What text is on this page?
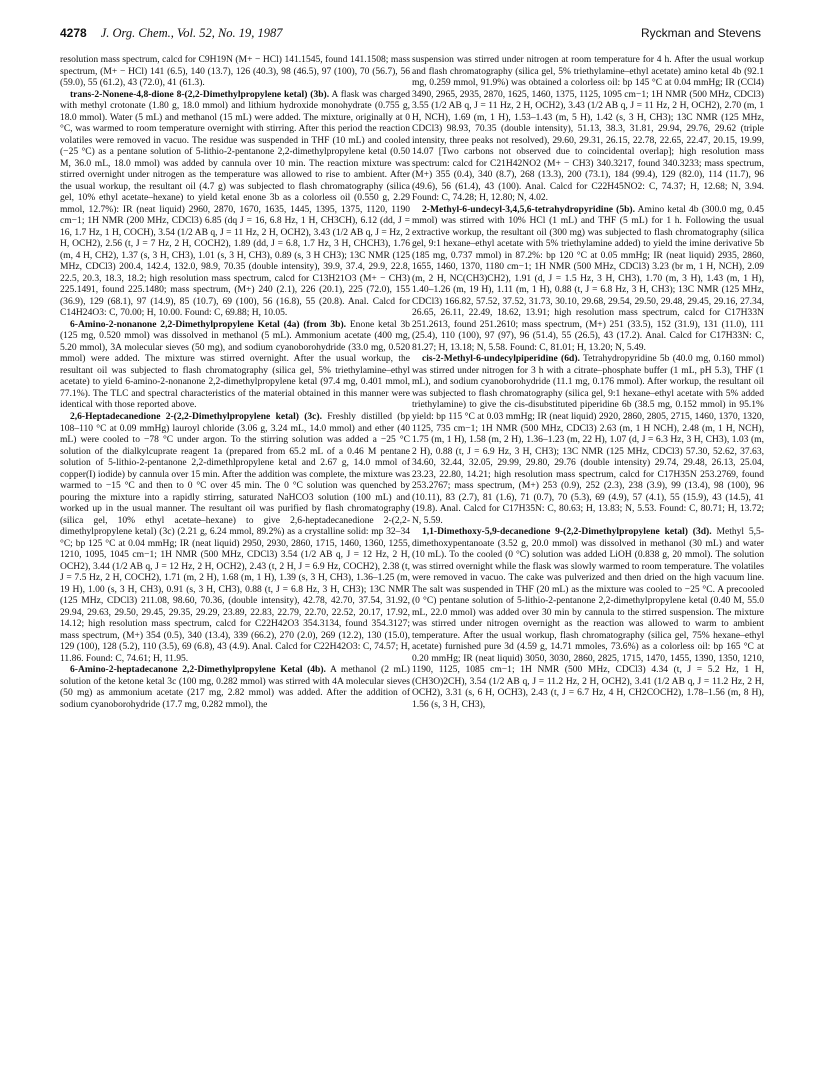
4278 J. Org. Chem., Vol. 52, No. 19, 1987	Ryckman and Stevens

resolution mass spectrum, calcd for C9H19N (M+ − HCl) 141.1545, found 141.1508; mass spectrum, (M+ − HCl) 141 (6.5), 140 (13.7), 126 (40.3), 98 (46.5), 97 (100), 70 (56.7), 56 (59.0), 55 (61.2), 43 (72.0), 41 (61.3).

trans-2-Nonene-4,8-dione 8-(2,2-Dimethylpropylene ketal) (3b). A flask was charged with methyl crotonate (1.80 g, 18.0 mmol) and lithium hydroxide monohydrate (0.755 g, 18.0 mmol). Water (5 mL) and methanol (15 mL) were added. The mixture, originally at 0 °C, was warmed to room temperature overnight with stirring. After this period the reaction volatiles were removed in vacuo. The residue was suspended in THF (10 mL) and cooled (−25 °C) as a pentane solution of 5-lithio-2-pentanone 2,2-dimethylpropylene ketal (0.50 M, 36.0 mL, 18.0 mmol) was added by cannula over 10 min. The reaction mixture was stirred overnight under nitrogen as the temperature was allowed to rise to ambient. After the usual workup, the resultant oil (4.7 g) was subjected to flash chromatography (silica gel, 10% ethyl acetate–hexane) to yield ketal enone 3b as a colorless oil (0.550 g, 2.29 mmol, 12.7%): IR (neat liquid) 2960, 2870, 1670, 1635, 1445, 1395, 1375, 1120, 1190 cm−1; 1H NMR (200 MHz, CDCl3) 6.85 (dq J = 16, 6.8 Hz, 1 H, CH3CH), 6.12 (dd, J = 16, 1.7 Hz, 1 H, COCH), 3.54 (1/2 AB q, J = 11 Hz, 2 H, OCH2), 3.43 (1/2 AB q, J = Hz, 2 H, OCH2), 2.56 (t, J = 7 Hz, 2 H, COCH2), 1.89 (dd, J = 6.8, 1.7 Hz, 3 H, CHCH3), 1.76 (m, 4 H, CH2), 1.37 (s, 3 H, CH3), 1.01 (s, 3 H, CH3), 0.89 (s, 3 H CH3); 13C NMR (125 MHz, CDCl3) 200.4, 142.4, 132.0, 98.9, 70.35 (double intensity), 39.9, 37.4, 29.9, 22.8, 22.5, 20.3, 18.3, 18.2; high resolution mass spectrum, calcd for C13H21O3 (M+ − CH3) 225.1491, found 225.1480; mass spectrum, (M+) 240 (2.1), 226 (20.1), 225 (72.0), 155 (36.9), 129 (68.1), 97 (14.9), 85 (10.7), 69 (100), 56 (16.8), 55 (20.8). Anal. Calcd for C14H24O3: C, 70.00; H, 10.00. Found: C, 69.88; H, 10.05.

6-Amino-2-nonanone 2,2-Dimethylpropylene Ketal (4a) (from 3b). Enone ketal 3b (125 mg, 0.520 mmol) was dissolved in methanol (5 mL). Ammonium acetate (400 mg, 5.20 mmol), 3A molecular sieves (50 mg), and sodium cyanoborohydride (33.0 mg, 0.520 mmol) were added. The mixture was stirred overnight. After the usual workup, the resultant oil was subjected to flash chromatography (silica gel, 5% triethylamine–ethyl acetate) to yield 6-amino-2-nonanone 2,2-dimethylpropylene ketal (97.4 mg, 0.401 mmol, 77.1%). The TLC and spectral characteristics of the material obtained in this manner were identical with those reported above.

2,6-Heptadecanedione 2-(2,2-Dimethylpropylene ketal) (3c). Freshly distilled (bp 108–110 °C at 0.09 mmHg) lauroyl chloride (3.06 g, 3.24 mL, 14.0 mmol) and ether (40 mL) were cooled to −78 °C under argon. To the stirring solution was added a −25 °C solution of the dialkylcuprate reagent 1a (prepared from 65.2 mL of a 0.46 M pentane solution of 5-lithio-2-pentanone 2,2-dimethlpropylene ketal and 2.67 g, 14.0 mmol of copper(I) iodide) by cannula over 15 min. After the addition was complete, the mixture was warmed to −15 °C and then to 0 °C over 45 min. The 0 °C solution was quenched by pouring the mixture into a rapidly stirring, saturated NaHCO3 solution (100 mL) and worked up in the usual manner. The resultant oil was purified by flash chromatography (silica gel, 10% ethyl acetate–hexane) to give 2,6-heptadecanedione 2-(2,2-dimethylpropylene ketal) (3c) (2.21 g, 6.24 mmol, 89.2%) as a crystalline solid: mp 32–34 °C; bp 125 °C at 0.04 mmHg; IR (neat liquid) 2950, 2930, 2860, 1715, 1460, 1360, 1255, 1210, 1095, 1045 cm−1; 1H NMR (500 MHz, CDCl3) 3.54 (1/2 AB q, J = 12 Hz, 2 H, OCH2), 3.44 (1/2 AB q, J = 12 Hz, 2 H, OCH2), 2.43 (t, 2 H, J = 6.9 Hz, COCH2), 2.38 (t, J = 7.5 Hz, 2 H, COCH2), 1.71 (m, 2 H), 1.68 (m, 1 H), 1.39 (s, 3 H, CH3), 1.36–1.25 (m, 19 H), 1.00 (s, 3 H, CH3), 0.91 (s, 3 H, CH3), 0.88 (t, J = 6.8 Hz, 3 H, CH3); 13C NMR (125 MHz, CDCl3) 211.08, 98.60, 70.36, (double intensity), 42.78, 42.70, 37.54, 31.92, 29.94, 29.63, 29.50, 29.45, 29.35, 29.29, 23.89, 22.83, 22.79, 22.70, 22.52, 20.17, 17.92, 14.12; high resolution mass spectrum, calcd for C22H42O3 354.3134, found 354.3127; mass spectrum, (M+) 354 (0.5), 340 (13.4), 339 (66.2), 270 (2.0), 269 (12.2), 130 (15.0), 129 (100), 128 (5.2), 110 (3.5), 69 (6.8), 43 (4.9). Anal. Calcd for C22H42O3: C, 74.57; H, 11.86. Found: C, 74.61; H, 11.95.

6-Amino-2-heptadecanone 2,2-Dimethylpropylene Ketal (4b). A methanol (2 mL) solution of the ketone ketal 3c (100 mg, 0.282 mmol) was stirred with 4A molecular sieves (50 mg) as ammonium acetate (217 mg, 2.82 mmol) was added. After the addition of sodium cyanoborohydride (17.7 mg, 0.282 mmol), the

suspension was stirred under nitrogen at room temperature for 4 h. After the usual workup and flash chromatography (silica gel, 5% triethylamine–ethyl acetate) amino ketal 4b (92.1 mg, 0.259 mmol, 91.9%) was obtained a colorless oil: bp 145 °C at 0.04 mmHg; IR (CCl4) 3490, 2965, 2935, 2870, 1625, 1460, 1375, 1125, 1095 cm−1; 1H NMR (500 MHz, CDCl3) 3.55 (1/2 AB q, J = 11 Hz, 2 H, OCH2), 3.43 (1/2 AB q, J = 11 Hz, 2 H, OCH2), 2.70 (m, 1 H, NCH), 1.69 (m, 1 H), 1.53–1.43 (m, 5 H), 1.42 (s, 3 H, CH3); 13C NMR (125 MHz, CDCl3) 98.93, 70.35 (double intensity), 51.13, 38.3, 31.81, 29.94, 29.76, 29.62 (triple intensity, three peaks not resolved), 29.60, 29.31, 26.15, 22.78, 22.65, 22.47, 20.15, 19.99, 14.07 [Two carbons not observed due to coincidental overlap]; high resolution mass spectrum: calcd for C21H42NO2 (M+ − CH3) 340.3217, found 340.3233; mass spectrum, (M+) 355 (0.4), 340 (8.7), 268 (13.3), 200 (73.1), 184 (99.4), 129 (82.0), 114 (11.7), 96 (49.6), 56 (61.4), 43 (100). Anal. Calcd for C22H45NO2: C, 74.37; H, 12.68; N, 3.94. Found: C, 74.28; H, 12.80; N, 4.02.

2-Methyl-6-undecyl-3,4,5,6-tetrahydropyridine (5b). Amino ketal 4b (300.0 mg, 0.45 mmol) was stirred with 10% HCl (1 mL) and THF (5 mL) for 1 h. Following the usual extractive workup, the resultant oil (300 mg) was subjected to flash chromatography (silica gel, 9:1 hexane–ethyl acetate with 5% triethylamine added) to yield the imine derivative 5b (185 mg, 0.737 mmol) in 87.2%: bp 120 °C at 0.05 mmHg; IR (neat liquid) 2935, 2860, 1655, 1460, 1370, 1180 cm−1; 1H NMR (500 MHz, CDCl3) 3.23 (br m, 1 H, NCH), 2.09 (m, 2 H, NC(CH3)CH2), 1.91 (d, J = 1.5 Hz, 3 H, CH3), 1.70 (m, 3 H), 1.43 (m, 1 H), 1.40–1.26 (m, 19 H), 1.11 (m, 1 H), 0.88 (t, J = 6.8 Hz, 3 H, CH3); 13C NMR (125 MHz, CDCl3) 166.82, 57.52, 37.52, 31.73, 30.10, 29.68, 29.54, 29.50, 29.48, 29.45, 29.16, 27.34, 26.65, 26.11, 22.49, 18.62, 13.91; high resolution mass spectrum, calcd for C17H33N 251.2613, found 251.2610; mass spectrum, (M+) 251 (33.5), 152 (31.9), 131 (11.0), 111 (25.4), 110 (100), 97 (97), 96 (51.4), 55 (26.5), 43 (17.2). Anal. Calcd for C17H33N: C, 81.27; H, 13.18; N, 5.58. Found: C, 81.01; H, 13.20; N, 5.49.

cis-2-Methyl-6-undecylpiperidine (6d). Tetrahydropyridine 5b (40.0 mg, 0.160 mmol) was stirred under nitrogen for 3 h with a citrate–phosphate buffer (1 mL, pH 5.3), THF (1 mL), and sodium cyanoborohydride (11.1 mg, 0.176 mmol). After workup, the resultant oil was subjected to flash chromatography (silica gel, 9:1 hexane–ethyl acetate with 5% added triethylamine) to give the cis-disubstituted piperidine 6b (38.5 mg, 0.152 mmol) in 95.1% yield: bp 115 °C at 0.03 mmHg; IR (neat liquid) 2920, 2860, 2805, 2715, 1460, 1370, 1320, 1125, 735 cm−1; 1H NMR (500 MHz, CDCl3) 2.63 (m, 1 H NCH), 2.48 (m, 1 H, NCH), 1.75 (m, 1 H), 1.58 (m, 2 H), 1.36–1.23 (m, 22 H), 1.07 (d, J = 6.3 Hz, 3 H, CH3), 1.03 (m, 2 H), 0.88 (t, J = 6.9 Hz, 3 H, CH3); 13C NMR (125 MHz, CDCl3) 57.30, 52.62, 37.63, 34.60, 32.44, 32.05, 29.99, 29.80, 29.76 (double intensity) 29.74, 29.48, 26.13, 25.04, 23.23, 22.80, 14.21; high resolution mass spectrum, calcd for C17H35N 253.2769, found 253.2767; mass spectrum, (M+) 253 (0.9), 252 (2.3), 238 (3.9), 99 (13.4), 98 (100), 96 (10.11), 83 (2.7), 81 (1.6), 71 (0.7), 70 (5.3), 69 (4.9), 57 (4.1), 55 (15.9), 43 (14.5), 41 (19.8). Anal. Calcd for C17H35N: C, 80.63; H, 13.83; N, 5.53. Found: C, 80.71; H, 13.72; N, 5.59.

1,1-Dimethoxy-5,9-decanedione 9-(2,2-Dimethylpropylene ketal) (3d). Methyl 5,5-dimethoxypentanoate (3.52 g, 20.0 mmol) was dissolved in methanol (30 mL) and water (10 mL). To the cooled (0 °C) solution was added LiOH (0.838 g, 20 mmol). The solution was stirred overnight while the flask was slowly warmed to room temperature. The volatiles were removed in vacuo. The cake was pulverized and then dried on the high vacuum line. The salt was suspended in THF (20 mL) as the mixture was cooled to −25 °C. A precooled (0 °C) pentane solution of 5-lithio-2-pentanone 2,2-dimethylpropylene ketal (0.40 M, 55.0 mL, 22.0 mmol) was added over 30 min by cannula to the stirred suspension. The mixture was stirred under nitrogen overnight as the reaction was allowed to warm to ambient temperature. After the usual workup, flash chromatography (silica gel, 75% hexane–ethyl acetate) furnished pure 3d (4.59 g, 14.71 mmoles, 73.6%) as a colorless oil: bp 165 °C at 0.20 mmHg; IR (neat liquid) 3050, 3030, 2860, 2825, 1715, 1470, 1455, 1390, 1350, 1210, 1190, 1125, 1085 cm−1; 1H NMR (500 MHz, CDCl3) 4.34 (t, J = 5.2 Hz, 1 H, (CH3O)2CH), 3.54 (1/2 AB q, J = 11.2 Hz, 2 H, OCH2), 3.41 (1/2 AB q, J = 11.2 Hz, 2 H, OCH2), 3.31 (s, 6 H, OCH3), 2.43 (t, J = 6.7 Hz, 4 H, CH2COCH2), 1.78–1.56 (m, 8 H), 1.56 (s, 3 H, CH3),
